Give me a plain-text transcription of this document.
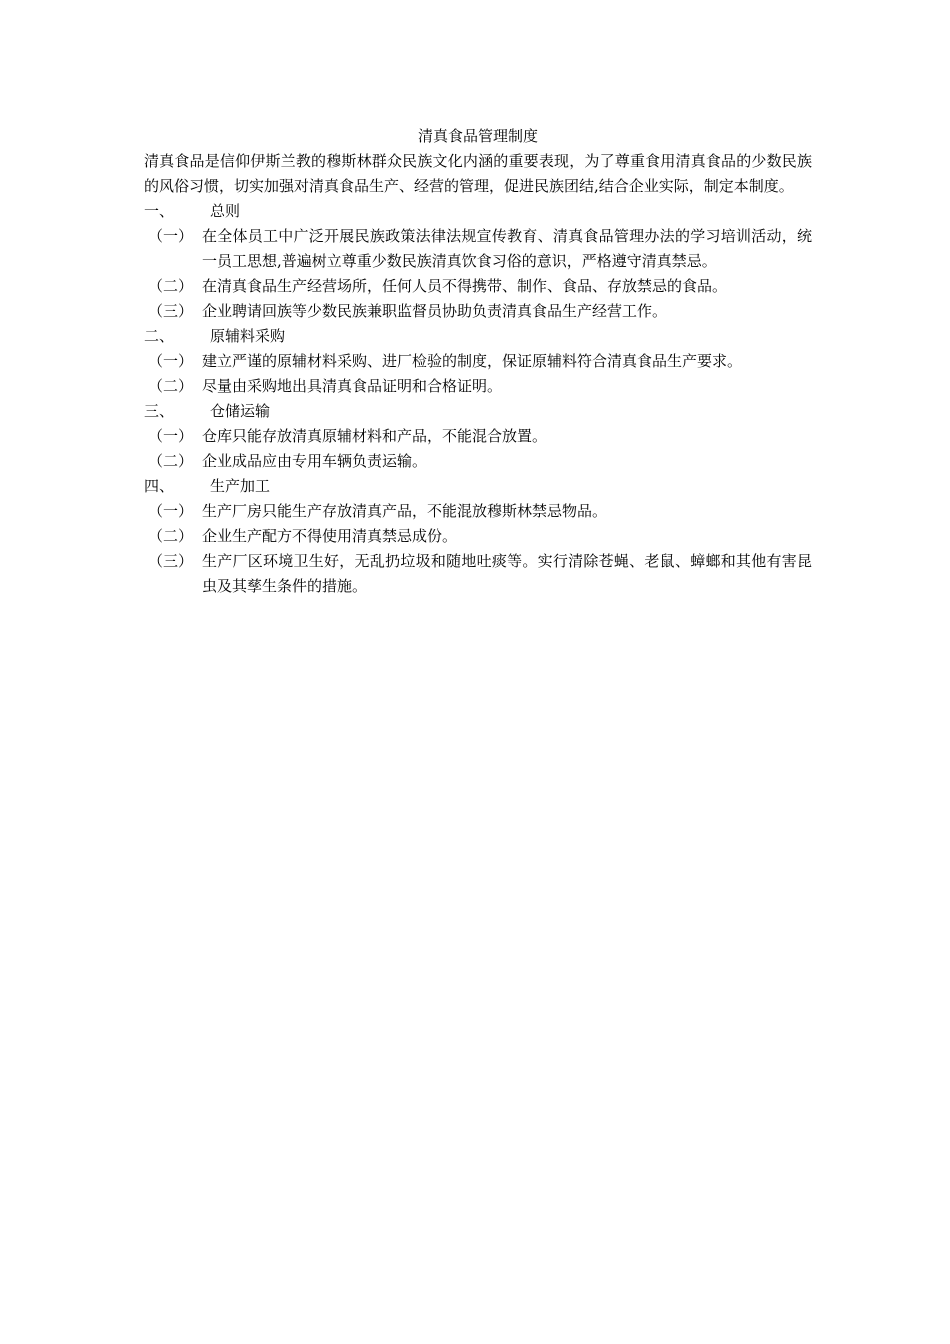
清真食品管理制度

清真食品是信仰伊斯兰教的穆斯林群众民族文化内涵的重要表现，为了尊重食用清真食品的少数民族的风俗习惯，切实加强对清真食品生产、经营的管理，促进民族团结,结合企业实际，制定本制度。

一、 总则

（一） 在全体员工中广泛开展民族政策法律法规宣传教育、清真食品管理办法的学习培训活动，统一员工思想,普遍树立尊重少数民族清真饮食习俗的意识，严格遵守清真禁忌。

（二） 在清真食品生产经营场所，任何人员不得携带、制作、食品、存放禁忌的食品。

（三） 企业聘请回族等少数民族兼职监督员协助负责清真食品生产经营工作。

二、 原辅料采购

（一） 建立严谨的原辅材料采购、进厂检验的制度，保证原辅料符合清真食品生产要求。

（二） 尽量由采购地出具清真食品证明和合格证明。

三、 仓储运输

（一） 仓库只能存放清真原辅材料和产品，不能混合放置。

（二） 企业成品应由专用车辆负责运输。

四、 生产加工

（一） 生产厂房只能生产存放清真产品，不能混放穆斯林禁忌物品。

（二） 企业生产配方不得使用清真禁忌成份。

（三） 生产厂区环境卫生好，无乱扔垃圾和随地吐痰等。实行清除苍蝇、老鼠、蟑螂和其他有害昆虫及其孳生条件的措施。
